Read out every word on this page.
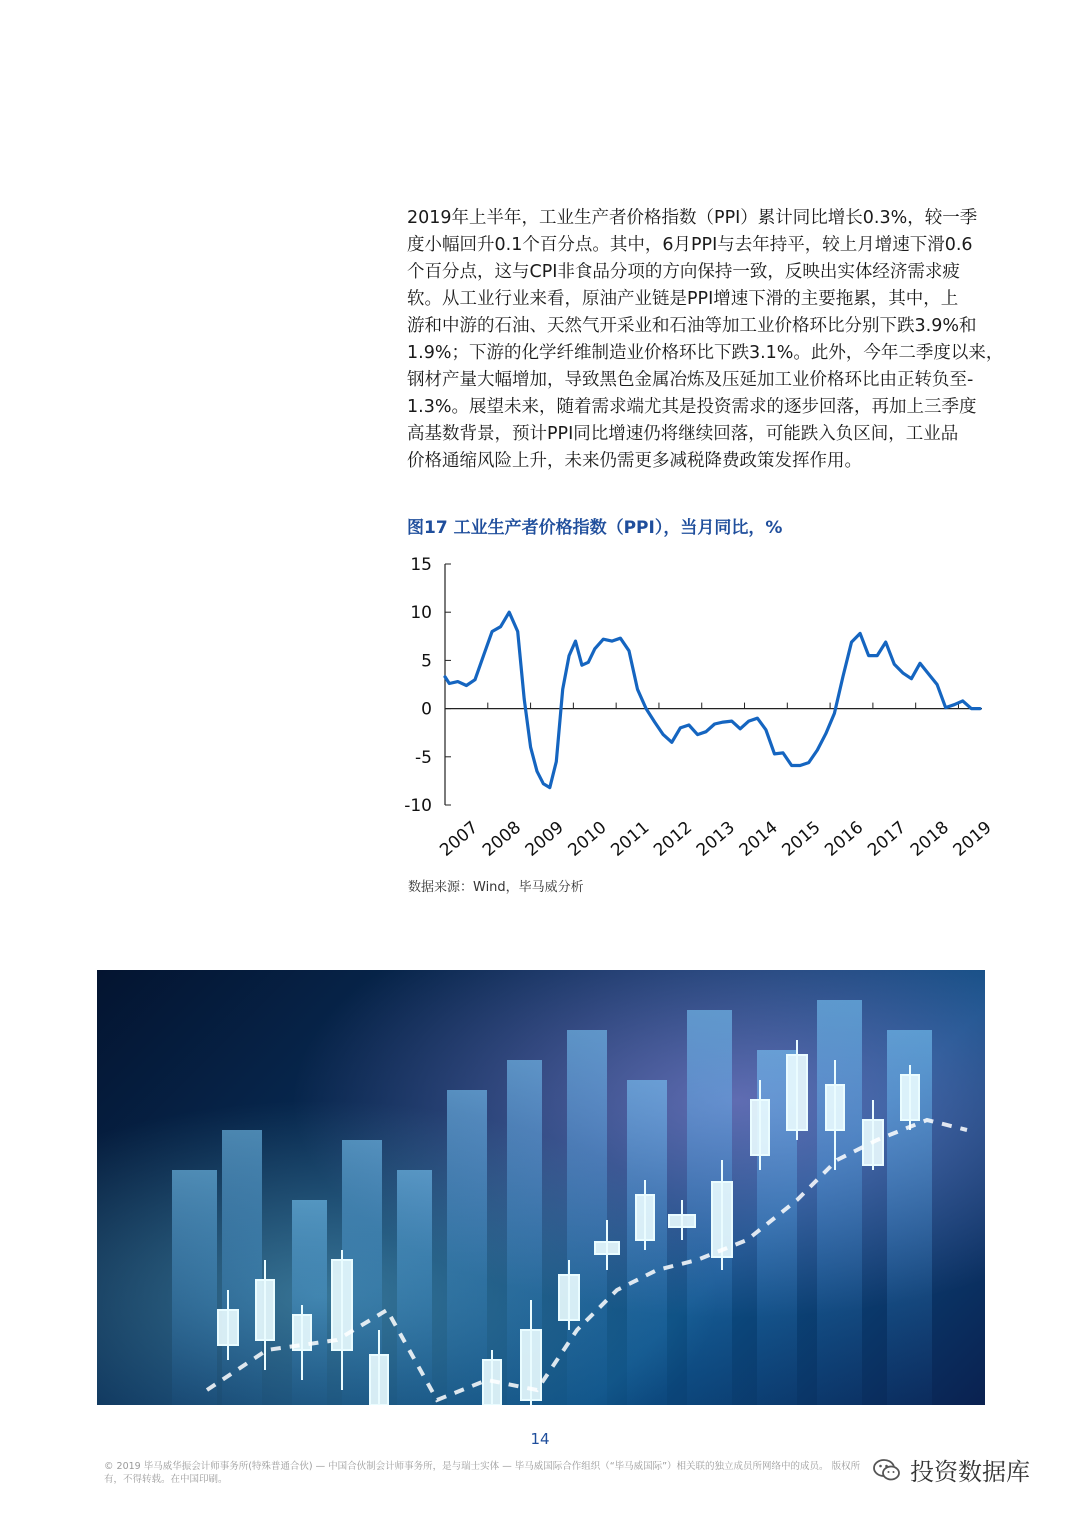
2019年上半年，工业生产者价格指数（PPI）累计同比增长0.3%，较一季
度小幅回升0.1个百分点。其中，6月PPI与去年持平，较上月增速下滑0.6
个百分点，这与CPI非食品分项的方向保持一致，反映出实体经济需求疲
软。从工业行业来看，原油产业链是PPI增速下滑的主要拖累，其中，上
游和中游的石油、天然气开采业和石油等加工业价格环比分别下跌3.9%和
1.9%；下游的化学纤维制造业价格环比下跌3.1%。此外，今年二季度以来，
钢材产量大幅增加，导致黑色金属冶炼及压延加工业价格环比由正转负至-
1.3%。展望未来，随着需求端尤其是投资需求的逐步回落，再加上三季度
高基数背景，预计PPI同比增速仍将继续回落，可能跌入负区间，工业品
价格通缩风险上升，未来仍需更多减税降费政策发挥作用。

图17 工业生产者价格指数（PPI），当月同比，%
15
10
5
0
-5
-10
2007
2008
2009
2010
2011
2012
2013
2014
2015
2016
2017
2018
2019
数据来源：Wind，毕马威分析
14
© 2019 毕马威华振会计师事务所(特殊普通合伙) — 中国合伙制会计师事务所，是与瑞士实体 — 毕马威国际合作组织（“毕马威国际”）相关联的独立成员所网络中的成员。 版权所有，不得转载。在中国印刷。	投资数据库
